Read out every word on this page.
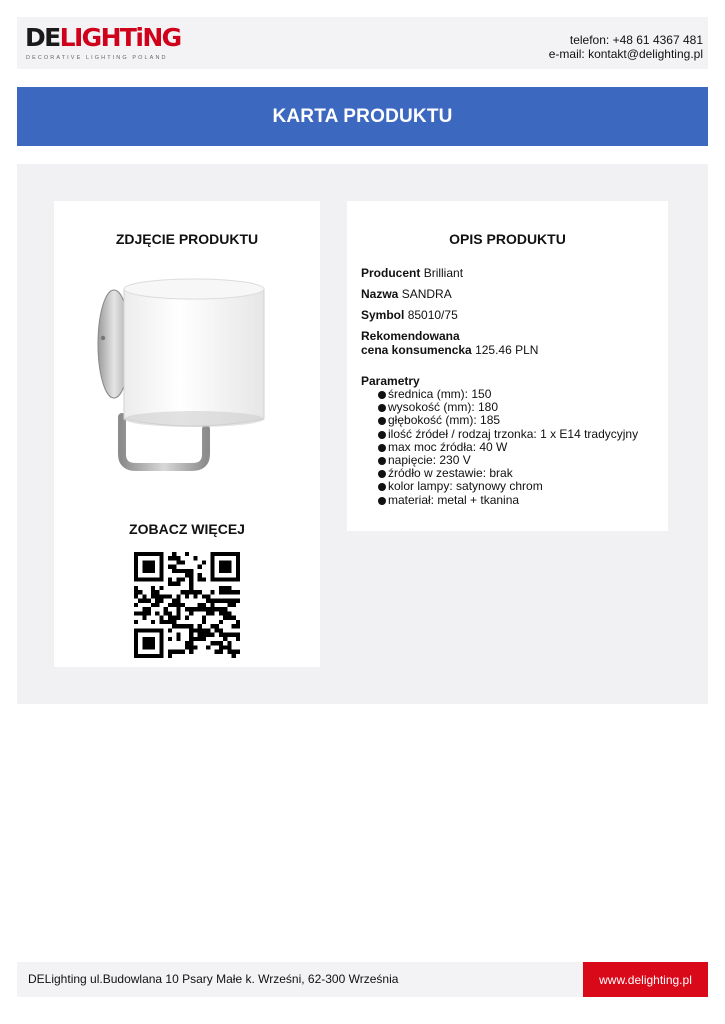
DELIGHTiNG
DECORATIVE LIGHTING POLAND
telefon: +48 61 4367 481
e-mail: kontakt@delighting.pl
KARTA PRODUKTU
ZDJĘCIE PRODUKTU
ZOBACZ WIĘCEJ
OPIS PRODUKTU
Producent Brilliant
Nazwa SANDRA
Symbol 85010/75
Rekomendowana
cena konsumencka 125.46 PLN
Parametry
średnica (mm): 150
wysokość (mm): 180
głębokość (mm): 185
ilość źródeł / rodzaj trzonka: 1 x E14 tradycyjny
max moc źródła: 40 W
napięcie: 230 V
źródło w zestawie: brak
kolor lampy: satynowy chrom
materiał: metal + tkanina
DELighting ul.Budowlana 10 Psary Małe k. Wrześni, 62-300 Września	www.delighting.pl
